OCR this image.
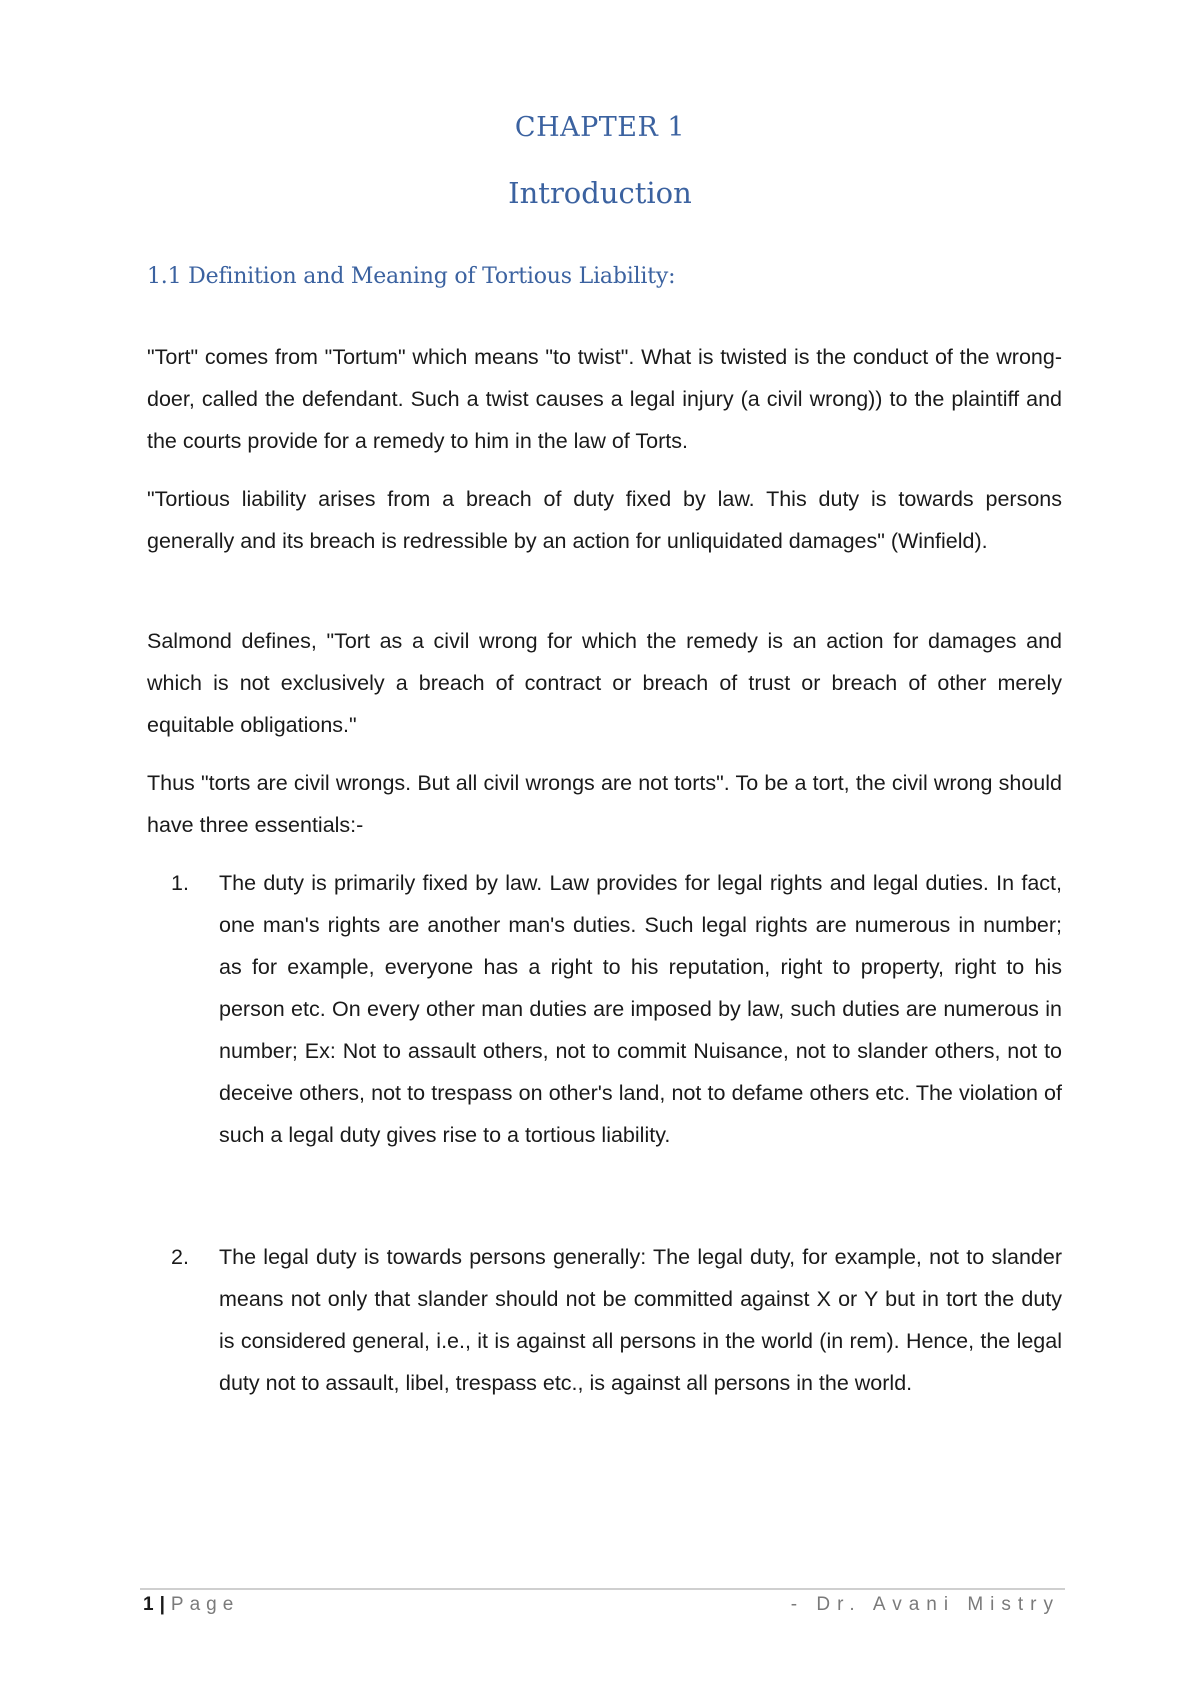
CHAPTER 1
Introduction
1.1 Definition and Meaning of Tortious Liability:

"Tort" comes from "Tortum" which means "to twist". What is twisted is the conduct of the wrong-doer, called the defendant. Such a twist causes a legal injury (a civil wrong)) to the plaintiff and the courts provide for a remedy to him in the law of Torts.

"Tortious liability arises from a breach of duty fixed by law. This duty is towards persons generally and its breach is redressible by an action for unliquidated damages" (Winfield).

Salmond defines, "Tort as a civil wrong for which the remedy is an action for damages and which is not exclusively a breach of contract or breach of trust or breach of other merely equitable obligations."

Thus "torts are civil wrongs. But all civil wrongs are not torts". To be a tort, the civil wrong should have three essentials:-

1. The duty is primarily fixed by law. Law provides for legal rights and legal duties. In fact, one man's rights are another man's duties. Such legal rights are numerous in number; as for example, everyone has a right to his reputation, right to property, right to his person etc. On every other man duties are imposed by law, such duties are numerous in number; Ex: Not to assault others, not to commit Nuisance, not to slander others, not to deceive others, not to trespass on other's land, not to defame others etc. The violation of such a legal duty gives rise to a tortious liability.
2. The legal duty is towards persons generally: The legal duty, for example, not to slander means not only that slander should not be committed against X or Y but in tort the duty is considered general, i.e., it is against all persons in the world (in rem). Hence, the legal duty not to assault, libel, trespass etc., is against all persons in the world.
1 | Page	- Dr. Avani Mistry
